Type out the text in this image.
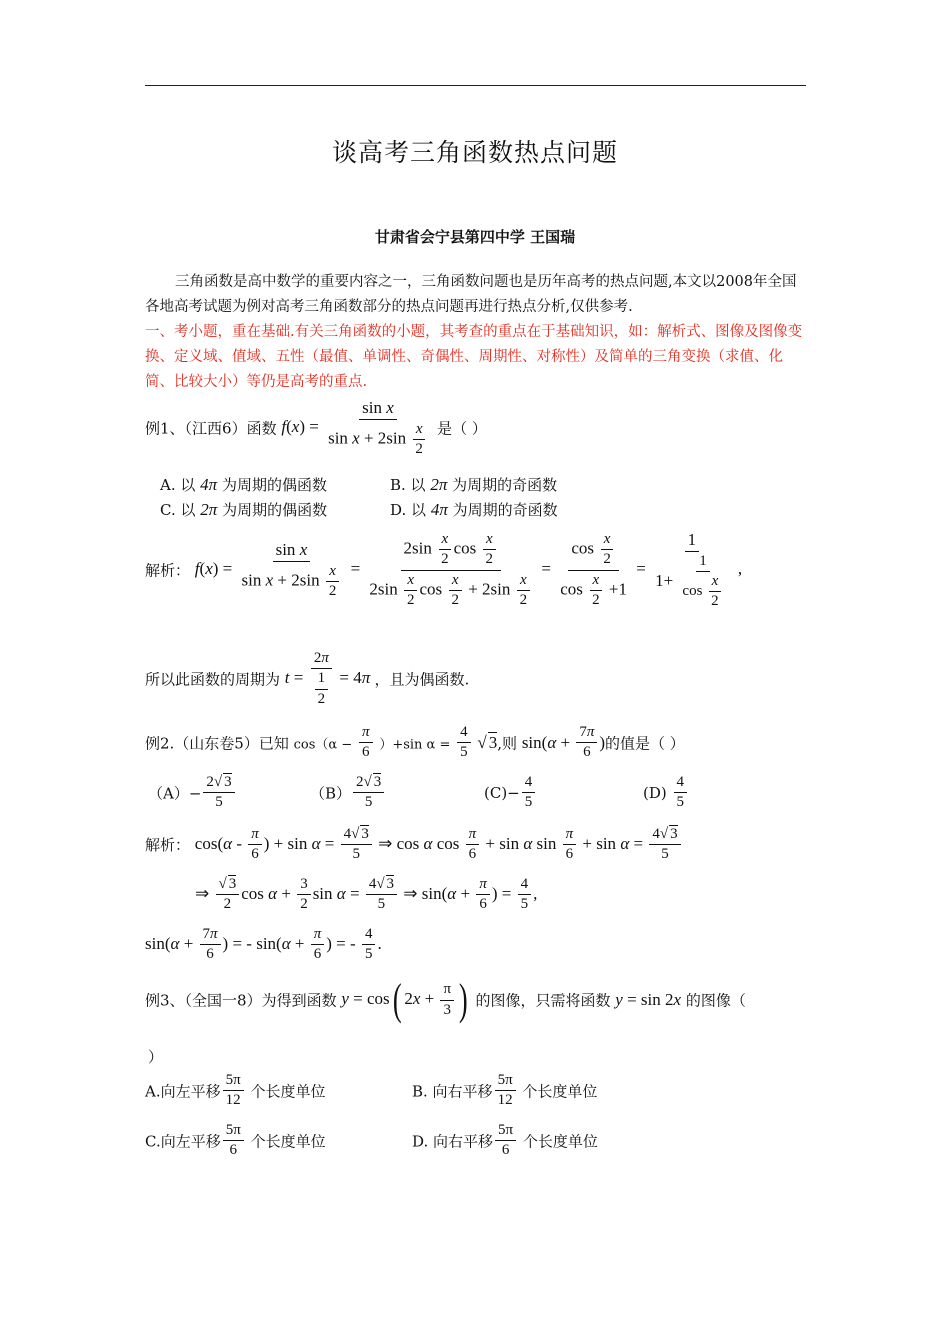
谈高考三角函数热点问题
甘肃省会宁县第四中学 王国瑞
三角函数是高中数学的重要内容之一，三角函数问题也是历年高考的热点问题,本文以2008年全国各地高考试题为例对高考三角函数部分的热点问题再进行热点分析,仅供参考.
一、考小题，重在基础.有关三角函数的小题，其考查的重点在于基础知识，如：解析式、图像及图像变换、定义域、值域、五性（最值、单调性、奇偶性、周期性、对称性）及简单的三角变换（求值、化简、比较大小）等仍是高考的重点.
例1、（江西6）函数 $f(x) = \frac{\text{sin x}}{\sin x + 2\sin \frac{x}{2}}$ 是（ ）
A. 以 4π 为周期的偶函数	B. 以 2π 为周期的奇函数
C. 以 2π 为周期的偶函数	D. 以 4π 为周期的奇函数
解析： $f(x) = \frac{\text{sin x}}{\sin x + 2\sin \frac{x}{2}} = \frac{2\sin \frac{x}{2} \cos \frac{x}{2}}{2\sin \frac{x}{2} \cos \frac{x}{2} + 2\sin \frac{x}{2}} = \frac{\cos \frac{x}{2}}{\cos \frac{x}{2} +1} = \frac{1}{1+ \frac{1}{\cos \frac{x}{2}}}$ ,
所以此函数的周期为 $t = \frac{2\pi}{\frac{1}{2}} = 4\pi$ ，且为偶函数.
例2.（山东卷5）已知 $\cos(\alpha - \frac{\pi}{6} )+\sin$ $\alpha = \frac{4}{5}$ √ 3,则 $\sin(\alpha + \frac{7\pi}{6}$ )的值是（ ）
$(A)- \frac{2√ 3}{5}$	$(B) \frac{2√ 3}{5}$	$(C)- \frac{4}{5}$	$(D) \frac{4}{5}$
解析： $\cos(\alpha - \frac{\pi}{6}$ ) + $\sin \alpha = \frac{4√ 3}{5}$ ⇒ cos α $\cos \frac{\pi}{6} + \sin \alpha$ $\sin \frac{\pi}{6} + \sin \alpha = \frac{4√ 3}{5}$
⇒ $\frac{√ 3}{2}$ $\cos \alpha + \frac{3}{2}$ $\sin \alpha = \frac{4√ 3}{5}$ ⇒ $\sin(\alpha + \frac{\pi}{6}$ ) = $\frac{4}{5}$ ,
$\sin(\alpha + \frac{7\pi}{6}$ ) = - $\sin(\alpha + \frac{\pi}{6}$ ) = - $\frac{4}{5}$ .
例3、（全国一8）为得到函数 y = cos( $2x + \frac{\pi}{3}$ ) 的图像，只需将函数 y = sin 2x 的图像（
）
A.向左平移 $\frac{5\pi}{12}$ 个长度单位	B. 向右平移 $\frac{5\pi}{12}$ 个长度单位
C.向左平移 $\frac{5\pi}{6}$ 个长度单位	D. 向右平移 $\frac{5\pi}{6}$ 个长度单位
